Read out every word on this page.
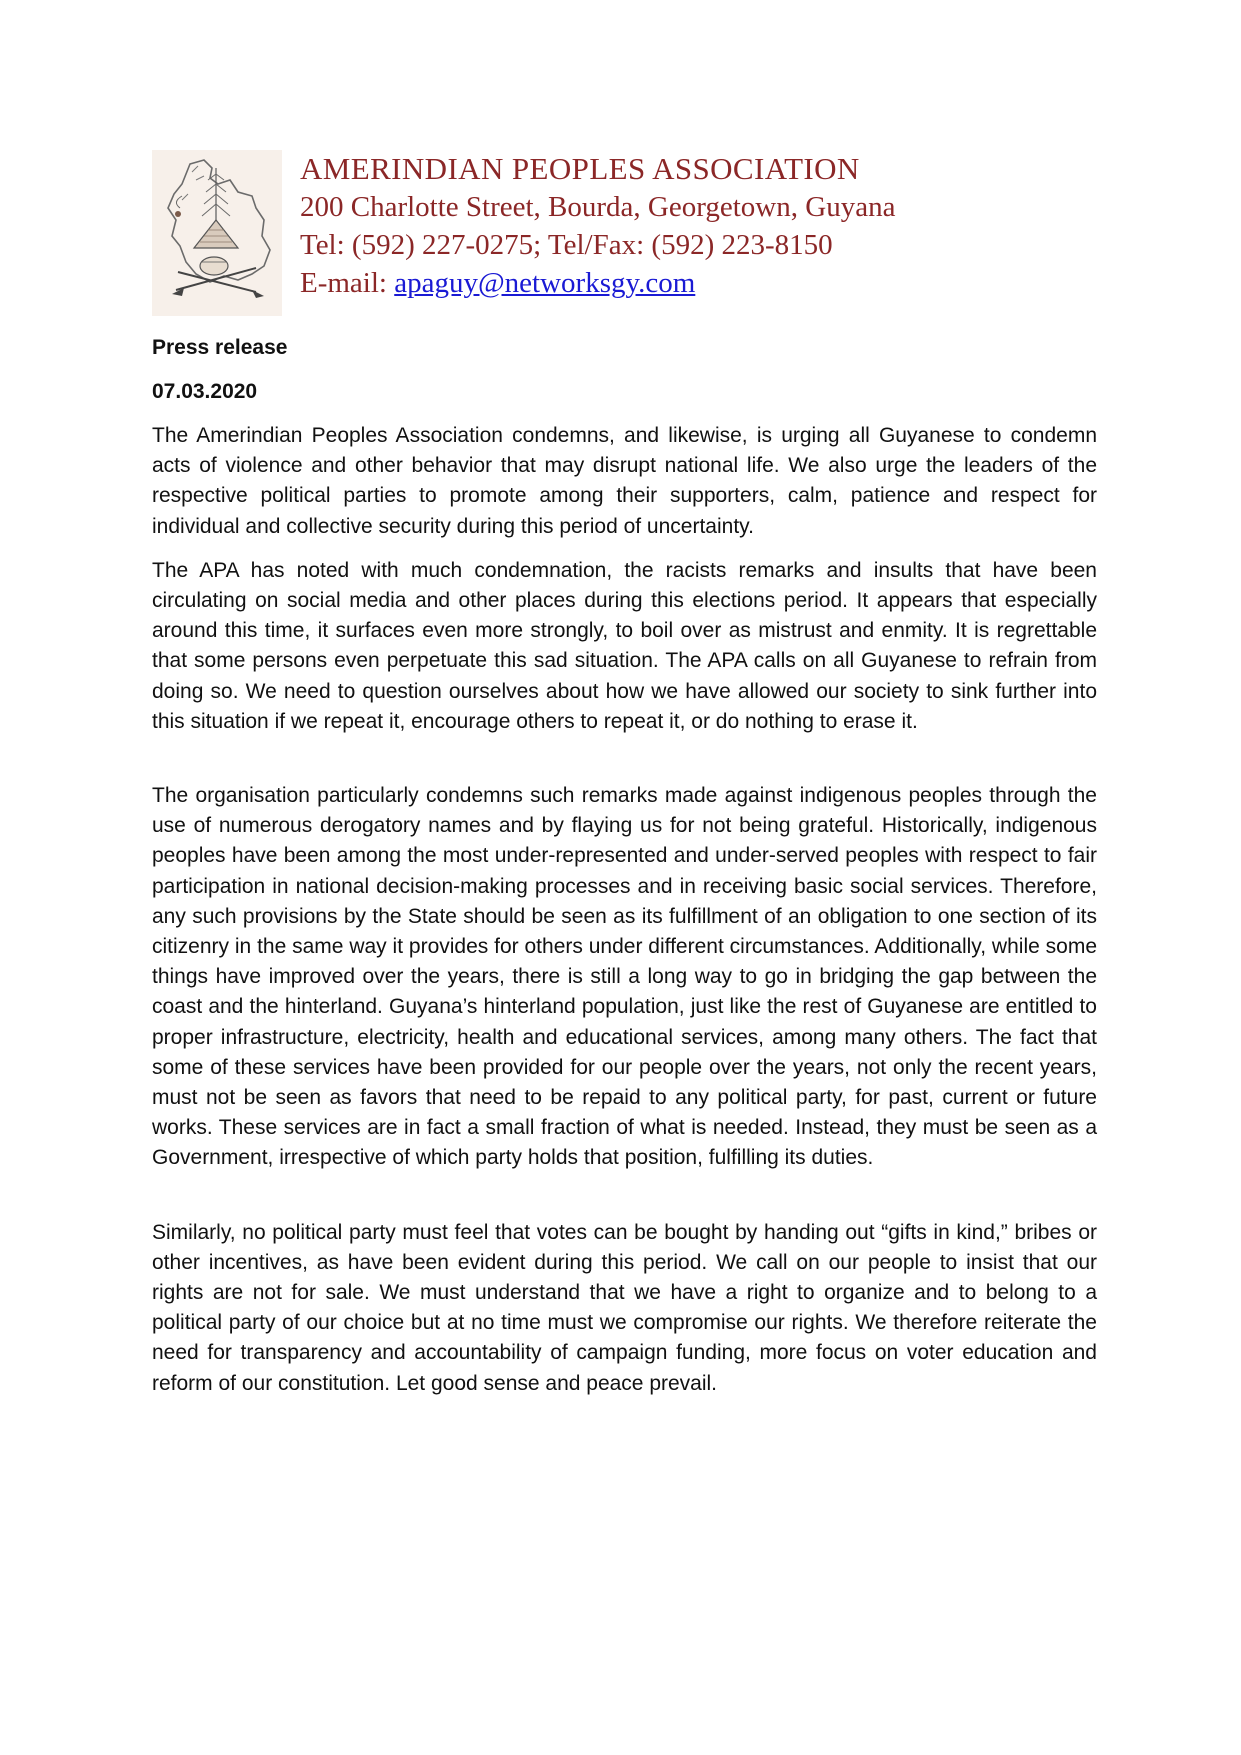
AMERINDIAN PEOPLES ASSOCIATION

200 Charlotte Street, Bourda, Georgetown, Guyana

Tel: (592) 227-0275; Tel/Fax: (592) 223-8150

E-mail: apaguy@networksgy.com

Press release

07.03.2020

The Amerindian Peoples Association condemns, and likewise, is urging all Guyanese to condemn acts of violence and other behavior that may disrupt national life. We also urge the leaders of the respective political parties to promote among their supporters, calm, patience and respect for individual and collective security during this period of uncertainty.

The APA has noted with much condemnation, the racists remarks and insults that have been circulating on social media and other places during this elections period. It appears that especially around this time, it surfaces even more strongly, to boil over as mistrust and enmity. It is regrettable that some persons even perpetuate this sad situation. The APA calls on all Guyanese to refrain from doing so. We need to question ourselves about how we have allowed our society to sink further into this situation if we repeat it, encourage others to repeat it, or do nothing to erase it.

The organisation particularly condemns such remarks made against indigenous peoples through the use of numerous derogatory names and by flaying us for not being grateful. Historically, indigenous peoples have been among the most under-represented and under-served peoples with respect to fair participation in national decision-making processes and in receiving basic social services. Therefore, any such provisions by the State should be seen as its fulfillment of an obligation to one section of its citizenry in the same way it provides for others under different circumstances. Additionally, while some things have improved over the years, there is still a long way to go in bridging the gap between the coast and the hinterland. Guyana’s hinterland population, just like the rest of Guyanese are entitled to proper infrastructure, electricity, health and educational services, among many others. The fact that some of these services have been provided for our people over the years, not only the recent years, must not be seen as favors that need to be repaid to any political party, for past, current or future works. These services are in fact a small fraction of what is needed. Instead, they must be seen as a Government, irrespective of which party holds that position, fulfilling its duties.

Similarly, no political party must feel that votes can be bought by handing out “gifts in kind,” bribes or other incentives, as have been evident during this period. We call on our people to insist that our rights are not for sale. We must understand that we have a right to organize and to belong to a political party of our choice but at no time must we compromise our rights. We therefore reiterate the need for transparency and accountability of campaign funding, more focus on voter education and reform of our constitution. Let good sense and peace prevail.
